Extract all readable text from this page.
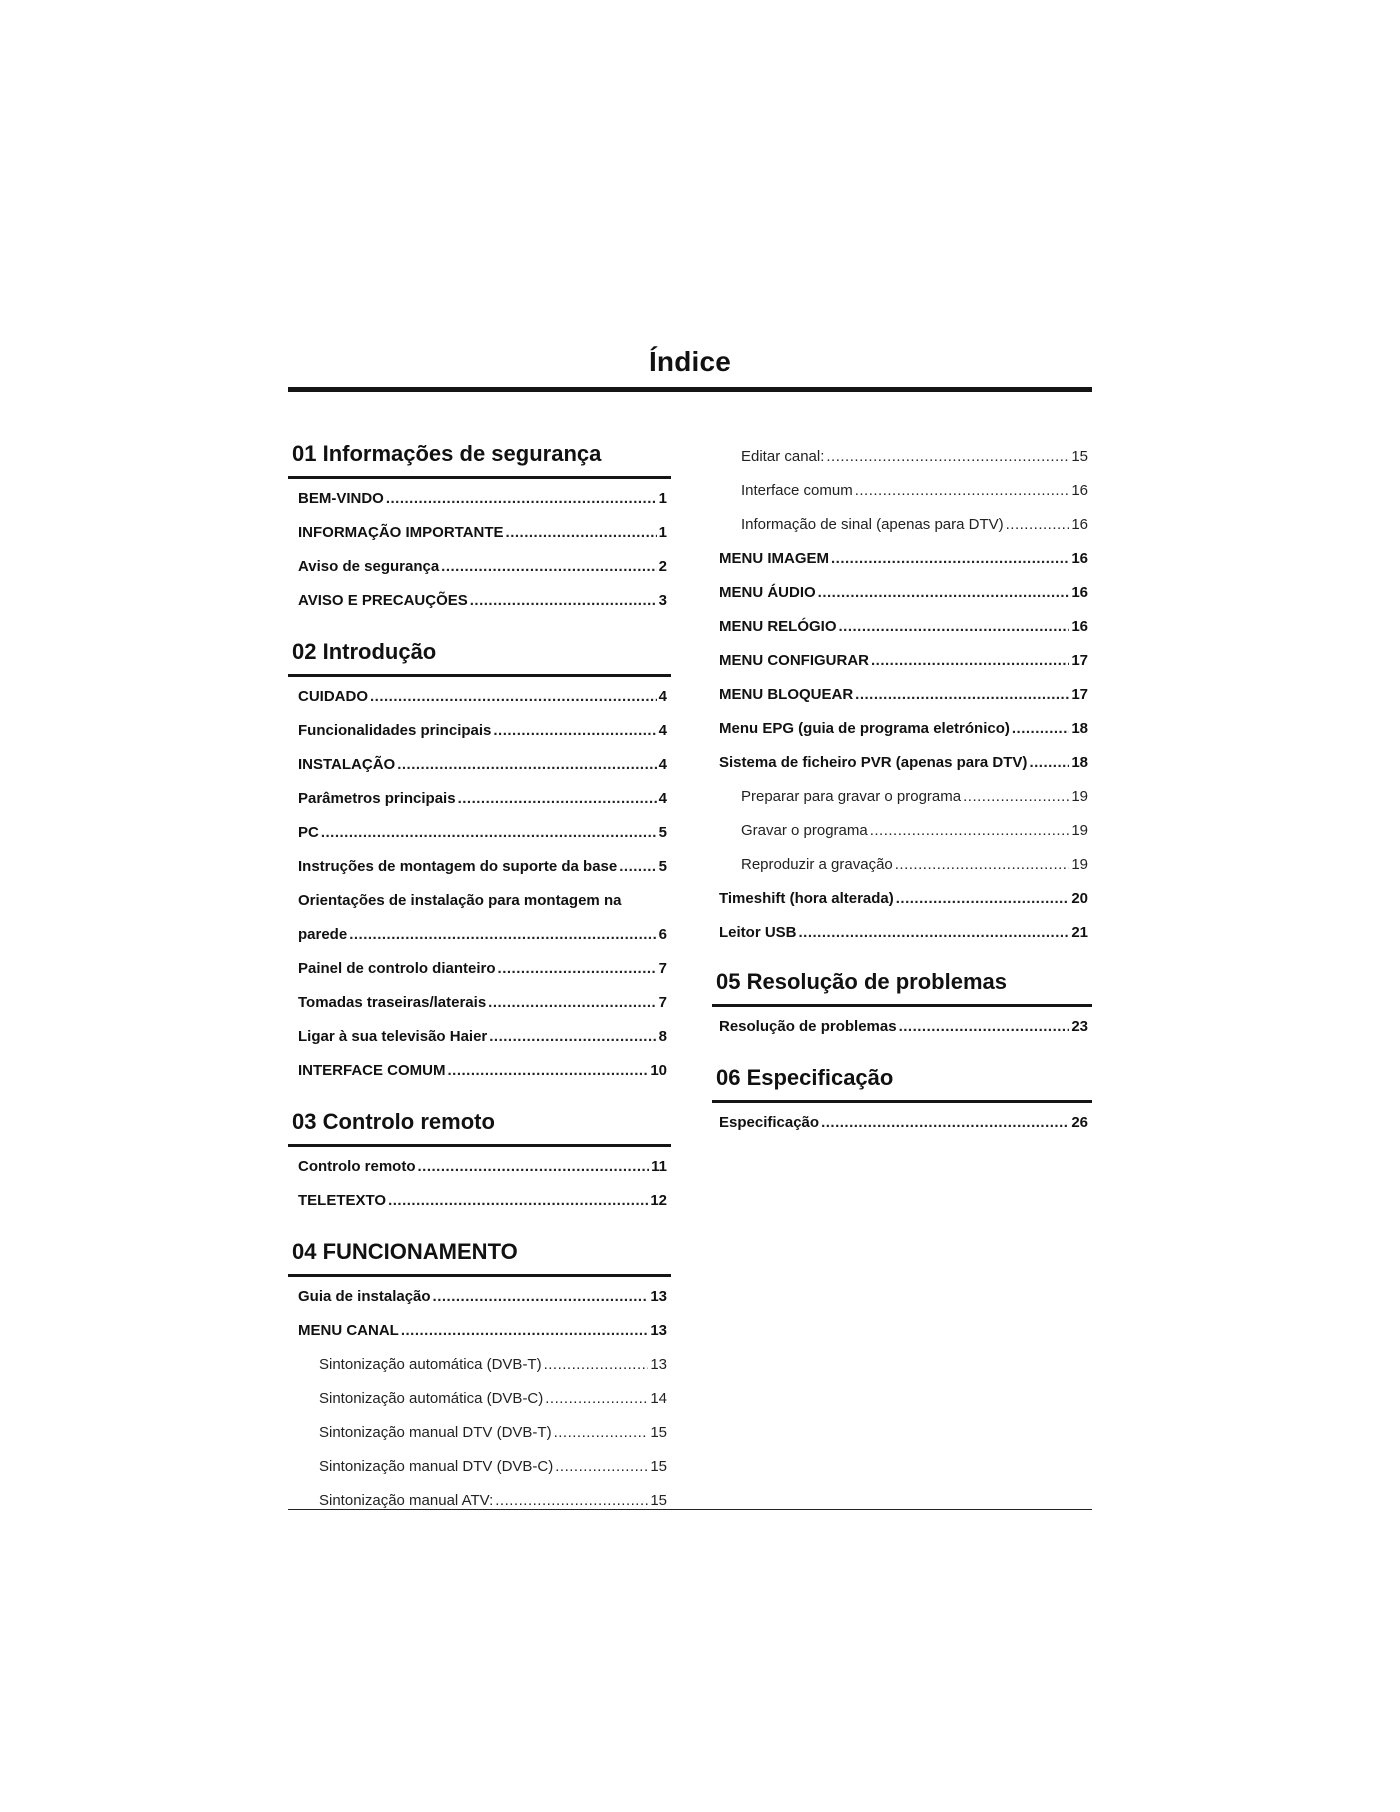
Índice
01 Informações de segurança
BEM-VINDO .....	1
INFORMAÇÃO IMPORTANTE .....	1
Aviso de segurança .....	2
AVISO E PRECAUÇÕES .....	3
02 Introdução
CUIDADO .....	4
Funcionalidades principais .....	4
INSTALAÇÃO .....	4
Parâmetros principais .....	4
PC .....	5
Instruções de montagem do suporte da base .....	5
Orientações de instalação para montagem na
parede .....	6
Painel de controlo dianteiro .....	7
Tomadas traseiras/laterais .....	7
Ligar à sua televisão Haier .....	8
INTERFACE COMUM .....	10
03 Controlo remoto
Controlo remoto .....	11
TELETEXTO .....	12
04 FUNCIONAMENTO
Guia de instalação .....	13
MENU CANAL .....	13
Sintonização automática (DVB-T) .....	13
Sintonização automática (DVB-C) .....	14
Sintonização manual DTV (DVB-T) .....	15
Sintonização manual DTV (DVB-C) .....	15
Sintonização manual ATV: .....	15
Editar canal: .....	15
Interface comum .....	16
Informação de sinal (apenas para DTV) .....	16
MENU IMAGEM .....	16
MENU ÁUDIO .....	16
MENU RELÓGIO .....	16
MENU CONFIGURAR .....	17
MENU BLOQUEAR .....	17
Menu EPG (guia de programa eletrónico) .....	18
Sistema de ficheiro PVR (apenas para DTV) .....	18
Preparar para gravar o programa .....	19
Gravar o programa .....	19
Reproduzir a gravação .....	19
Timeshift (hora alterada) .....	20
Leitor USB .....	21
05 Resolução de problemas
Resolução de problemas .....	23
06 Especificação
Especificação .....	26
